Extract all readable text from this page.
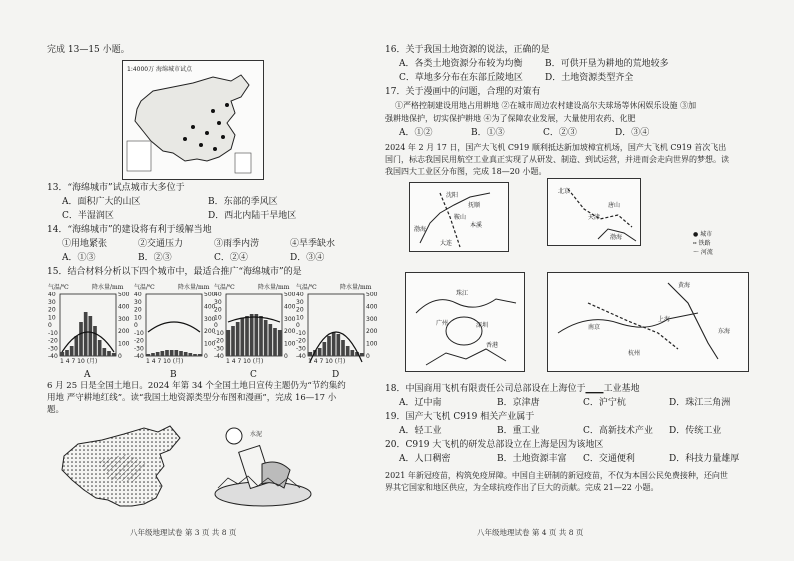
完成 13—15 小题。
1:4000万 海绵城市试点
13．“海绵城市”试点城市大多位于
A．面积广大的山区	B．东部的季风区
C．半湿润区	D．西北内陆干旱地区
14．“海绵城市”的建设将有利于缓解当地
①用地紧张	②交通压力	③雨季内涝	④旱季缺水
A．①③	B．②③	C．②④	D．③④
15．结合材料分析以下四个城市中，最适合推广“海绵城市”的是
气温/℃	降水量/mm
40
30
20
10
0
-10
-20
-30
-40
500
400
300
200
100
0
1 4 7 10 (月)
A
气温/℃	降水量/mm
40
30
20
10
0
-10
-20
-30
-40
500
400
300
200
100
0
1 4 7 10 (月)
B
气温/℃	降水量/mm
40
30
20
10
0
-10
-20
-30
-40
500
400
300
200
100
0
1 4 7 10 (月)
C
气温/℃	降水量/mm
40
30
20
10
0
-10
-20
-30
-40
500
400
300
200
100
0
1 4 7 10 (月)
D
6 月 25 日是全国土地日。2024 年第 34 个全国土地日宣传主题仍为“节约集约用地 严守耕地红线”。读“我国土地资源类型分布图和漫画”，完成 16—17 小题。
水泥
八年级地理试卷 第 3 页 共 8 页
16．关于我国土地资源的说法，正确的是
A．各类土地资源分布较为均衡 B．可供开垦为耕地的荒地较多
C．草地多分布在东部丘陵地区 D．土地资源类型齐全
17．关于漫画中的问题，合理的对策有
①严格控制建设用地占用耕地 ②在城市周边农村建设高尔夫球场等休闲娱乐设施 ③加
强耕地保护，切实保护耕地 ④为了保障农业发展，大量使用农药、化肥
A．①②	B．①③	C．②③	D．③④
2024 年 2 月 17 日，国产大飞机 C919 顺利抵达新加坡樟宜机场，国产大飞机 C919 首次飞出国门，标志我国民用航空工业真正实现了从研发、制造、到试运营，并进而会走向世界的梦想。读我国四大工业区分布图，完成 18—20 小题。
沈阳
抚顺
鞍山
大连
渤海
本溪
北京
天津
唐山
渤海
广州	深圳
珠江
香港
黄海
南京
上海
杭州
东海
● 城市
╍ 铁路
～ 河流
18．中国商用飞机有限责任公司总部设在上海位于____工业基地
A．辽中南	B．京津唐	C．沪宁杭	D．珠江三角洲
19．国产大飞机 C919 相关产业属于
A．轻工业	B．重工业	C．高新技术产业 D．传统工业
20．C919 大飞机的研发总部设立在上海是因为该地区
A．人口稠密	B．土地资源丰富 C．交通便利	D．科技力量雄厚
2021 年新冠疫苗，构筑免疫屏障。中国自主研制的新冠疫苗，不仅为本国公民免费接种，还向世界其它国家和地区供应，为全球抗疫作出了巨大的贡献。完成 21—22 小题。
八年级地理试卷 第 4 页 共 8 页
